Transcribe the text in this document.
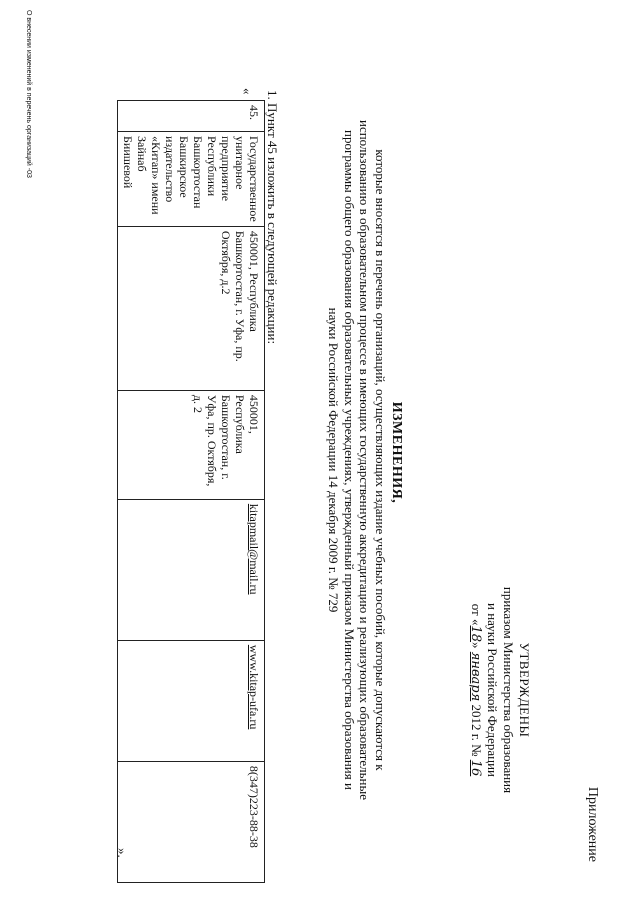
Приложение
УТВЕРЖДЕНЫ
приказом Министерства образования
и науки Российской Федерации
от «18» января 2012 г. № 16
ИЗМЕНЕНИЯ,
которые вносятся в перечень организаций, осуществляющих издание учебных пособий, которые допускаются к
использованию в образовательном процессе в имеющих государственную аккредитацию и реализующих образовательные
программы общего образования образовательных учреждениях, утвержденный приказом Министерства образования и
науки Российской Федерации 14 декабря 2009 г. № 729
1. Пункт 45 изложить в следующей редакции:
«
45.	Государственное унитарное предприятие Республики Башкортостан Башкирское издательство «Китап» имени Зайнаб Биишевой	450001, Республика Башкортостан, г. Уфа, пр. Октября, д.2	450001, Республика Башкортостан, г. Уфа, пр. Октября, д. 2	kitapmail@mail.ru	www.kitap-ufa.ru	8(347)223-88-38
».
О внесении изменений в перечень организаций -03
